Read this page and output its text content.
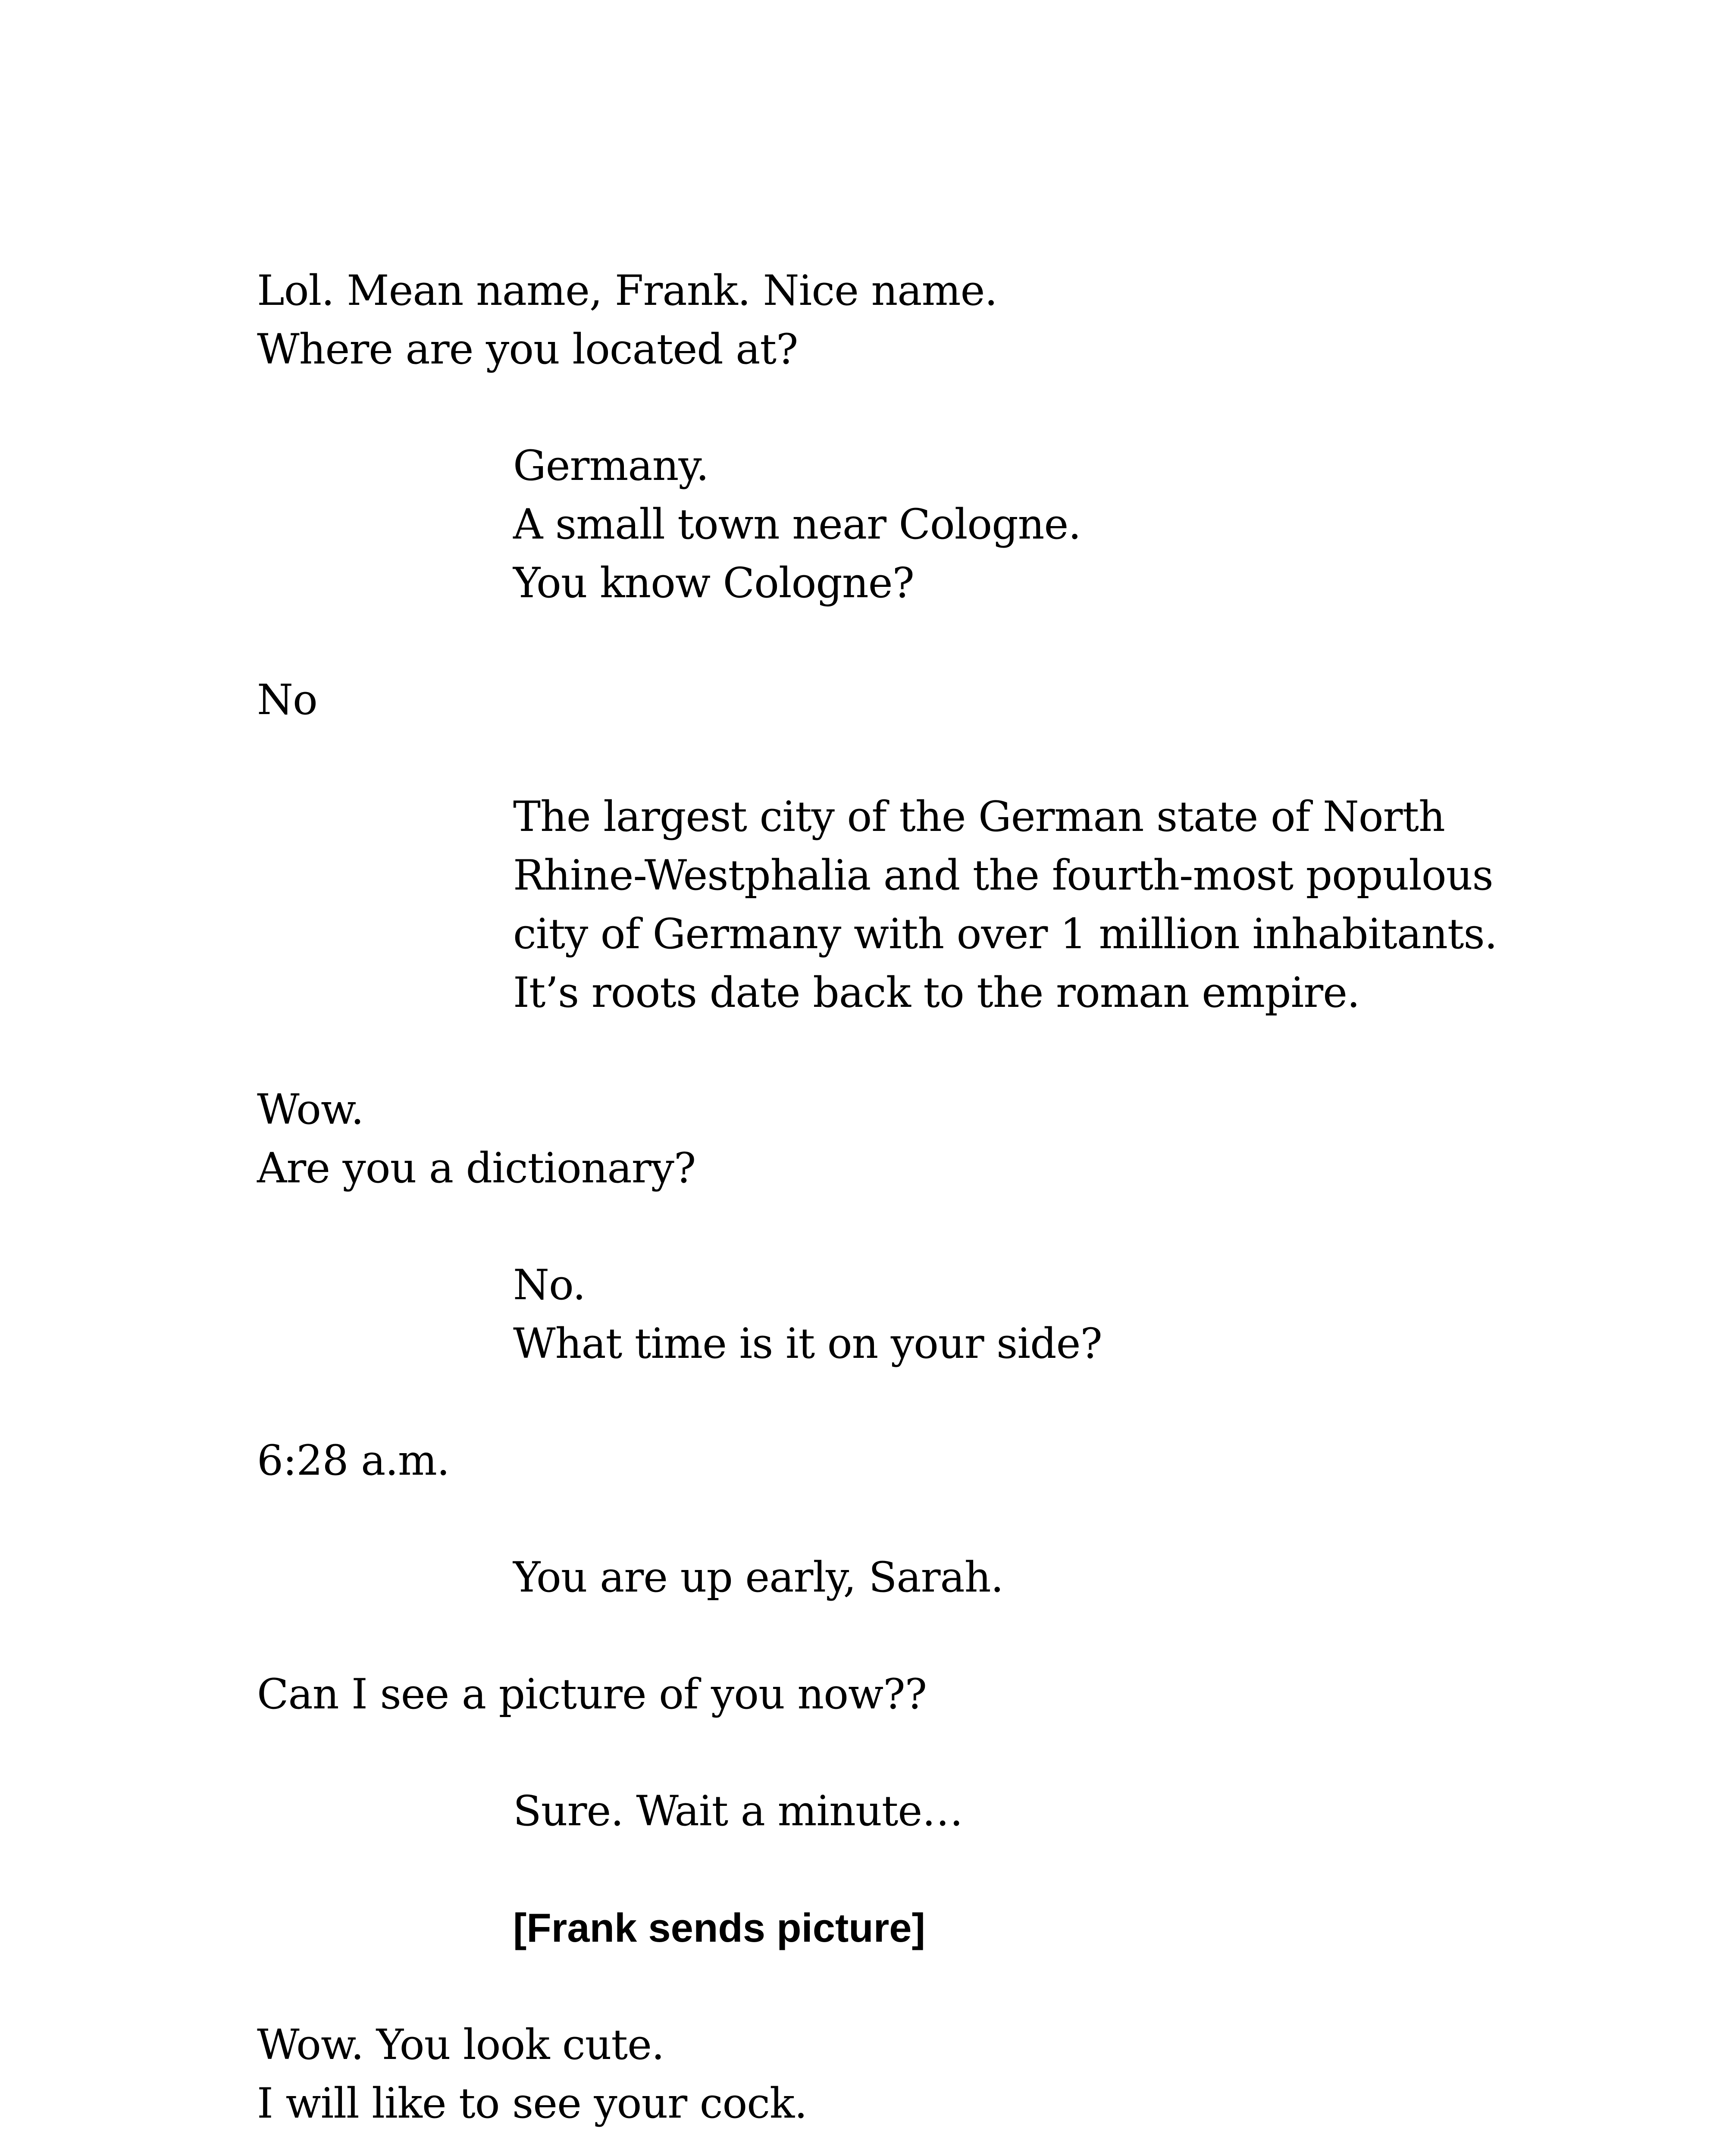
Lol. Mean name, Frank. Nice name.
Where are you located at?
Germany.
A small town near Cologne.
You know Cologne?
No
The largest city of the German state of North
Rhine-Westphalia and the fourth-most populous
city of Germany with over 1 million inhabitants.
It’s roots date back to the roman empire.
Wow.
Are you a dictionary?
No.
What time is it on your side?
6:28 a.m.
You are up early, Sarah.
Can I see a picture of you now??
Sure. Wait a minute…
[Frank sends picture]
Wow. You look cute.
I will like to see your cock.
